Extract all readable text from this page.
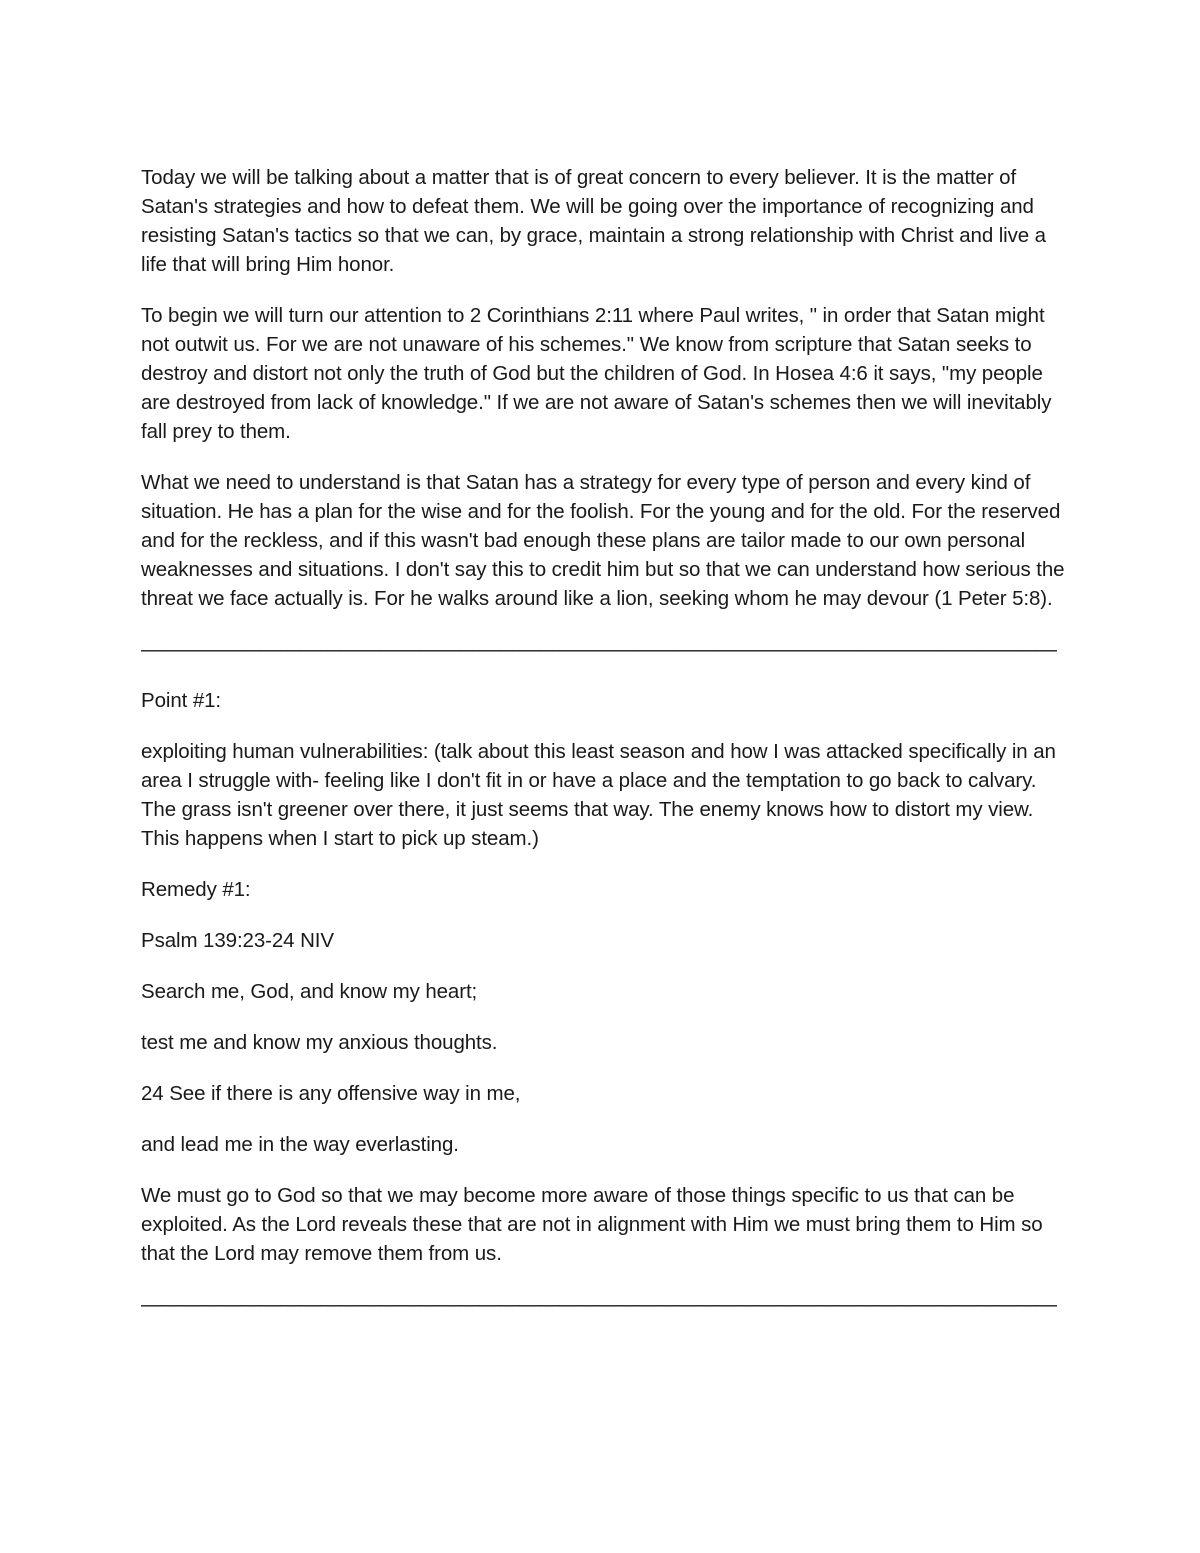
Today we will be talking about a matter that is of great concern to every believer. It is the matter of Satan's strategies and how to defeat them. We will be going over the importance of recognizing and resisting Satan's tactics so that we can, by grace, maintain a strong relationship with Christ and live a life that will bring Him honor.

To begin we will turn our attention to 2 Corinthians 2:11 where Paul writes, " in order that Satan might not outwit us. For we are not unaware of his schemes." We know from scripture that Satan seeks to destroy and distort not only the truth of God but the children of God. In Hosea 4:6 it says, "my people are destroyed from lack of knowledge." If we are not aware of Satan's schemes then we will inevitably fall prey to them.

What we need to understand is that Satan has a strategy for every type of person and every kind of situation. He has a plan for the wise and for the foolish. For the young and for the old. For the reserved and for the reckless, and if this wasn't bad enough these plans are tailor made to our own personal weaknesses and situations. I don't say this to credit him but so that we can understand how serious the threat we face actually is. For he walks around like a lion, seeking whom he may devour (1 Peter 5:8).

——————————————————————————————————————————————

Point #1:

exploiting human vulnerabilities: (talk about this least season and how I was attacked specifically in an area I struggle with- feeling like I don't fit in or have a place and the temptation to go back to calvary. The grass isn't greener over there, it just seems that way. The enemy knows how to distort my view. This happens when I start to pick up steam.)

Remedy #1:

Psalm 139:23-24 NIV

Search me, God, and know my heart;

test me and know my anxious thoughts.

24 See if there is any offensive way in me,

and lead me in the way everlasting.

We must go to God so that we may become more aware of those things specific to us that can be exploited. As the Lord reveals these that are not in alignment with Him we must bring them to Him so that the Lord may remove them from us.

——————————————————————————————————————————————
